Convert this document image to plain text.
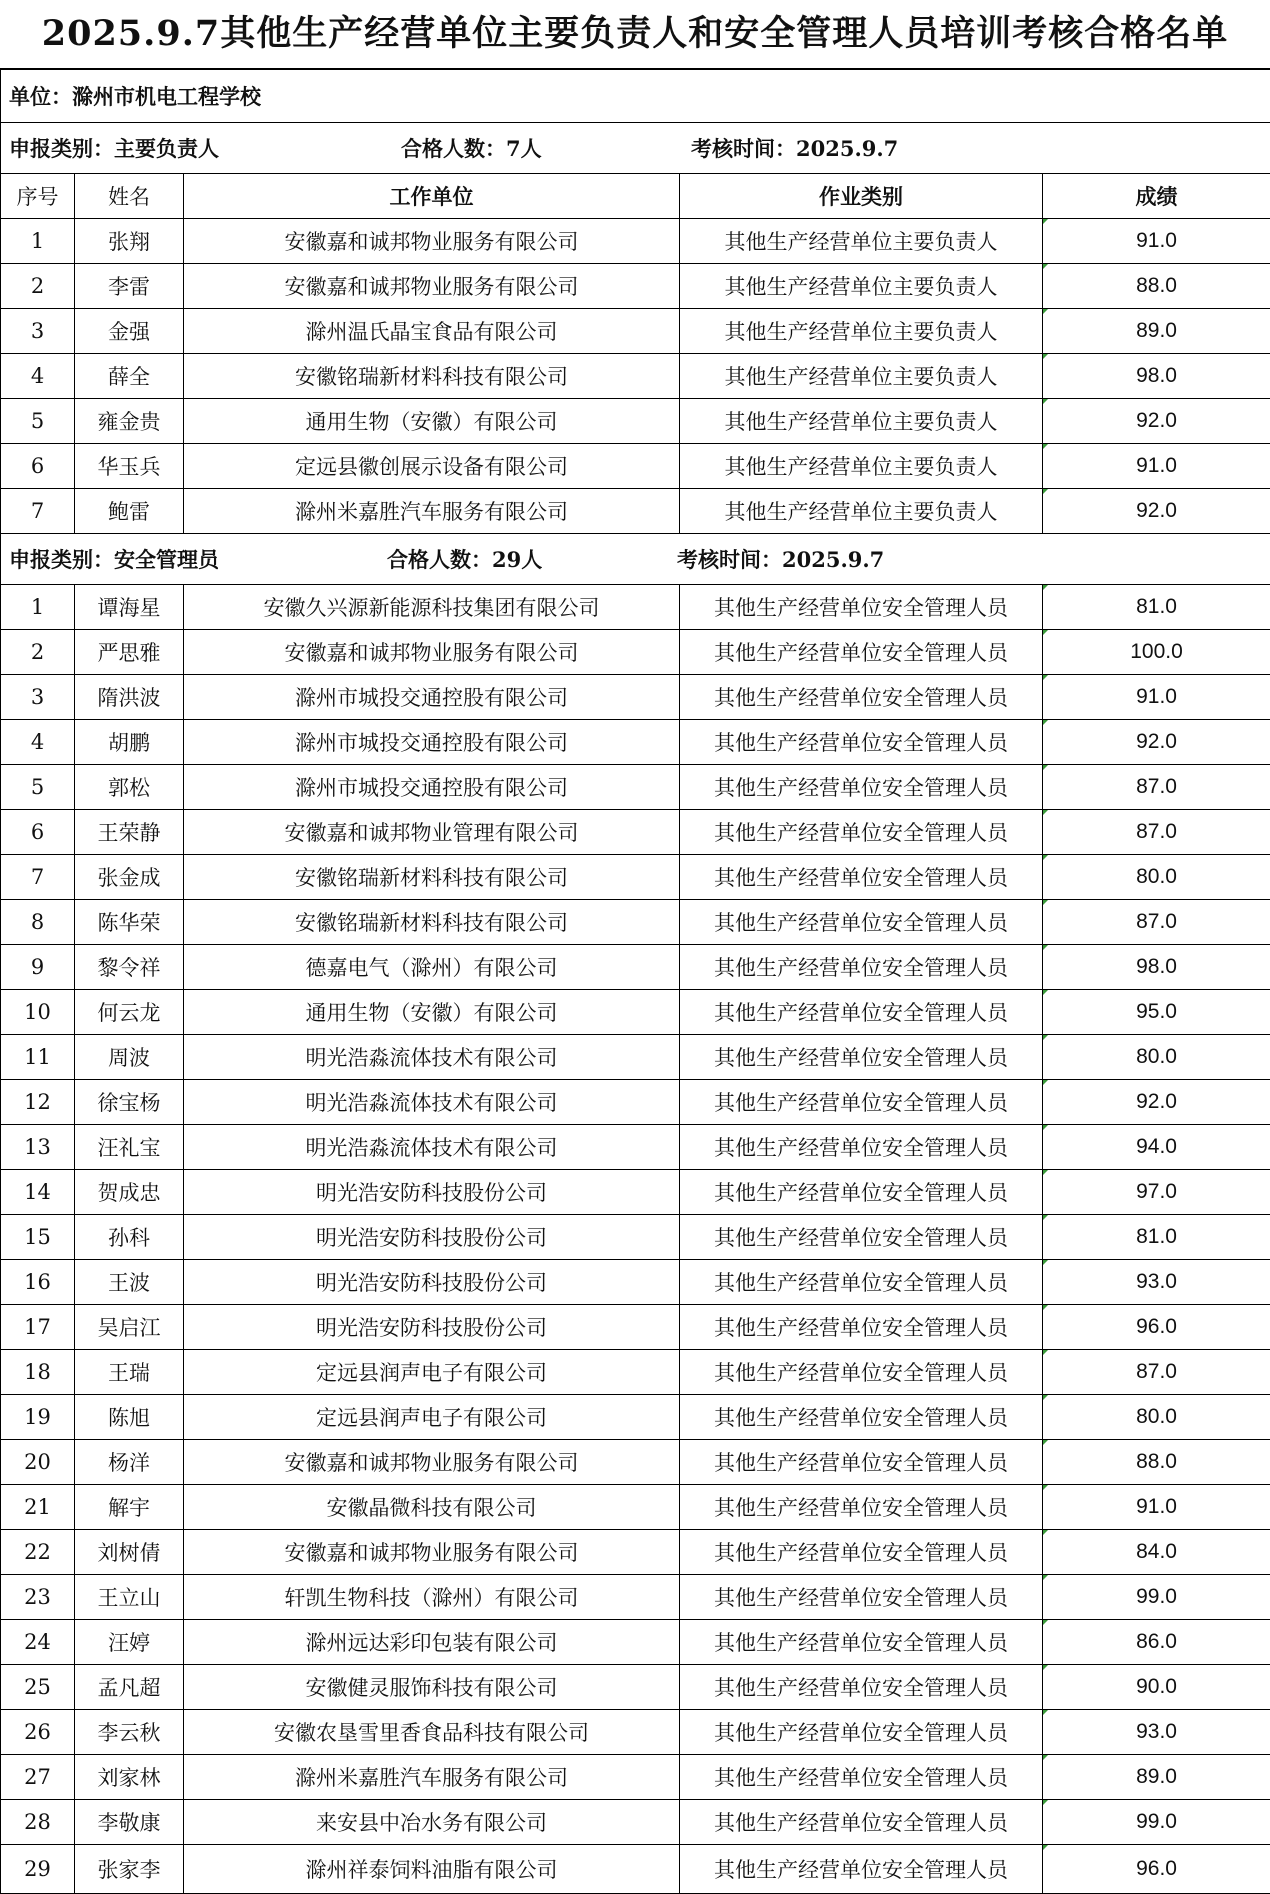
2025.9.7其他生产经营单位主要负责人和安全管理人员培训考核合格名单
单位：滁州市机电工程学校				
申报类别：主要负责人 合格人数：7人 考核时间：2025.9.7				
序号	姓名	工作单位	作业类别	成绩
1	张翔	安徽嘉和诚邦物业服务有限公司	其他生产经营单位主要负责人	91.0
2	李雷	安徽嘉和诚邦物业服务有限公司	其他生产经营单位主要负责人	88.0
3	金强	滁州温氏晶宝食品有限公司	其他生产经营单位主要负责人	89.0
4	薛全	安徽铭瑞新材料科技有限公司	其他生产经营单位主要负责人	98.0
5	雍金贵	通用生物（安徽）有限公司	其他生产经营单位主要负责人	92.0
6	华玉兵	定远县徽创展示设备有限公司	其他生产经营单位主要负责人	91.0
7	鲍雷	滁州米嘉胜汽车服务有限公司	其他生产经营单位主要负责人	92.0
申报类别：安全管理员 合格人数：29人 考核时间：2025.9.7				
1	谭海星	安徽久兴源新能源科技集团有限公司	其他生产经营单位安全管理人员	81.0
2	严思雅	安徽嘉和诚邦物业服务有限公司	其他生产经营单位安全管理人员	100.0
3	隋洪波	滁州市城投交通控股有限公司	其他生产经营单位安全管理人员	91.0
4	胡鹏	滁州市城投交通控股有限公司	其他生产经营单位安全管理人员	92.0
5	郭松	滁州市城投交通控股有限公司	其他生产经营单位安全管理人员	87.0
6	王荣静	安徽嘉和诚邦物业管理有限公司	其他生产经营单位安全管理人员	87.0
7	张金成	安徽铭瑞新材料科技有限公司	其他生产经营单位安全管理人员	80.0
8	陈华荣	安徽铭瑞新材料科技有限公司	其他生产经营单位安全管理人员	87.0
9	黎令祥	德嘉电气（滁州）有限公司	其他生产经营单位安全管理人员	98.0
10	何云龙	通用生物（安徽）有限公司	其他生产经营单位安全管理人员	95.0
11	周波	明光浩淼流体技术有限公司	其他生产经营单位安全管理人员	80.0
12	徐宝杨	明光浩淼流体技术有限公司	其他生产经营单位安全管理人员	92.0
13	汪礼宝	明光浩淼流体技术有限公司	其他生产经营单位安全管理人员	94.0
14	贺成忠	明光浩安防科技股份公司	其他生产经营单位安全管理人员	97.0
15	孙科	明光浩安防科技股份公司	其他生产经营单位安全管理人员	81.0
16	王波	明光浩安防科技股份公司	其他生产经营单位安全管理人员	93.0
17	吴启江	明光浩安防科技股份公司	其他生产经营单位安全管理人员	96.0
18	王瑞	定远县润声电子有限公司	其他生产经营单位安全管理人员	87.0
19	陈旭	定远县润声电子有限公司	其他生产经营单位安全管理人员	80.0
20	杨洋	安徽嘉和诚邦物业服务有限公司	其他生产经营单位安全管理人员	88.0
21	解宇	安徽晶微科技有限公司	其他生产经营单位安全管理人员	91.0
22	刘树倩	安徽嘉和诚邦物业服务有限公司	其他生产经营单位安全管理人员	84.0
23	王立山	轩凯生物科技（滁州）有限公司	其他生产经营单位安全管理人员	99.0
24	汪婷	滁州远达彩印包装有限公司	其他生产经营单位安全管理人员	86.0
25	孟凡超	安徽健灵服饰科技有限公司	其他生产经营单位安全管理人员	90.0
26	李云秋	安徽农垦雪里香食品科技有限公司	其他生产经营单位安全管理人员	93.0
27	刘家林	滁州米嘉胜汽车服务有限公司	其他生产经营单位安全管理人员	89.0
28	李敬康	来安县中冶水务有限公司	其他生产经营单位安全管理人员	99.0
29	张家李	滁州祥泰饲料油脂有限公司	其他生产经营单位安全管理人员	96.0
